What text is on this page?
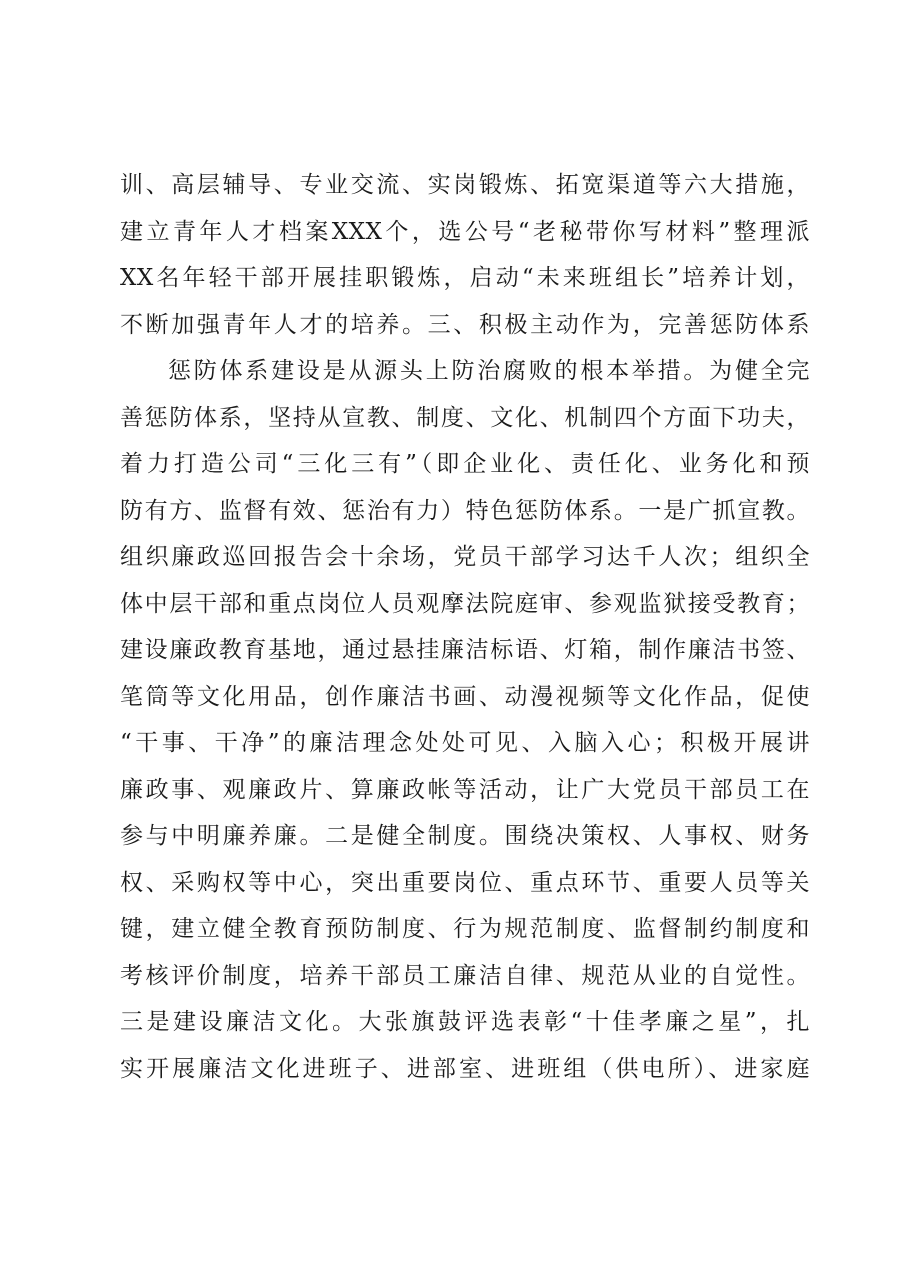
训、高层辅导、专业交流、实岗锻炼、拓宽渠道等六大措施，
建立青年人才档案XXX个，选公号“老秘带你写材料”整理派
XX名年轻干部开展挂职锻炼，启动“未来班组长”培养计划，
不断加强青年人才的培养。三、积极主动作为，完善惩防体系
惩防体系建设是从源头上防治腐败的根本举措。为健全完
善惩防体系，坚持从宣教、制度、文化、机制四个方面下功夫，
着力打造公司“三化三有”（即企业化、责任化、业务化和预
防有方、监督有效、惩治有力）特色惩防体系。一是广抓宣教。
组织廉政巡回报告会十余场，党员干部学习达千人次；组织全
体中层干部和重点岗位人员观摩法院庭审、参观监狱接受教育；
建设廉政教育基地，通过悬挂廉洁标语、灯箱，制作廉洁书签、
笔筒等文化用品，创作廉洁书画、动漫视频等文化作品，促使
“干事、干净”的廉洁理念处处可见、入脑入心；积极开展讲
廉政事、观廉政片、算廉政帐等活动，让广大党员干部员工在
参与中明廉养廉。二是健全制度。围绕决策权、人事权、财务
权、采购权等中心，突出重要岗位、重点环节、重要人员等关
键，建立健全教育预防制度、行为规范制度、监督制约制度和
考核评价制度，培养干部员工廉洁自律、规范从业的自觉性。
三是建设廉洁文化。大张旗鼓评选表彰“十佳孝廉之星”，扎
实开展廉洁文化进班子、进部室、进班组（供电所）、进家庭
